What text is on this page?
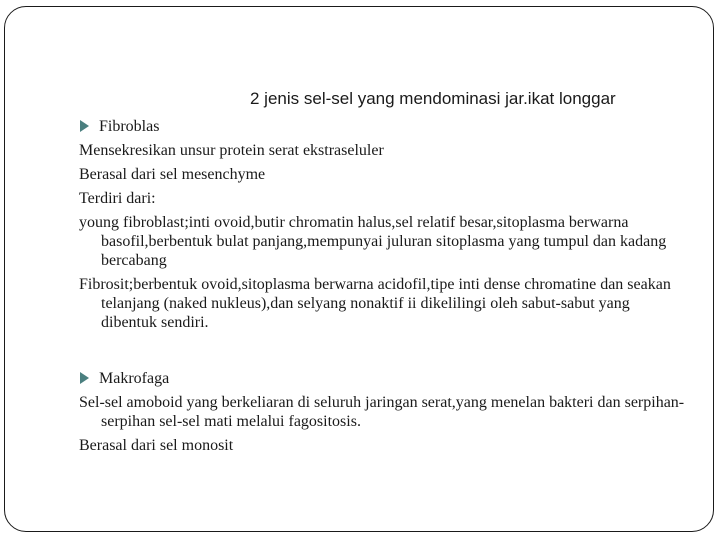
2 jenis sel-sel yang mendominasi jar.ikat longgar
Fibroblas

Mensekresikan unsur protein serat ekstraseluler

Berasal dari sel mesenchyme

Terdiri dari:

young fibroblast;inti ovoid,butir chromatin halus,sel relatif besar,sitoplasma berwarna basofil,berbentuk bulat panjang,mempunyai juluran sitoplasma yang tumpul dan kadang bercabang

Fibrosit;berbentuk ovoid,sitoplasma berwarna acidofil,tipe inti dense chromatine dan seakan telanjang (naked nukleus),dan selyang nonaktif ii dikelilingi oleh sabut-sabut yang dibentuk sendiri.

Makrofaga

Sel-sel amoboid yang berkeliaran di seluruh jaringan serat,yang menelan bakteri dan serpihan-serpihan sel-sel mati melalui fagositosis.

Berasal dari sel monosit
